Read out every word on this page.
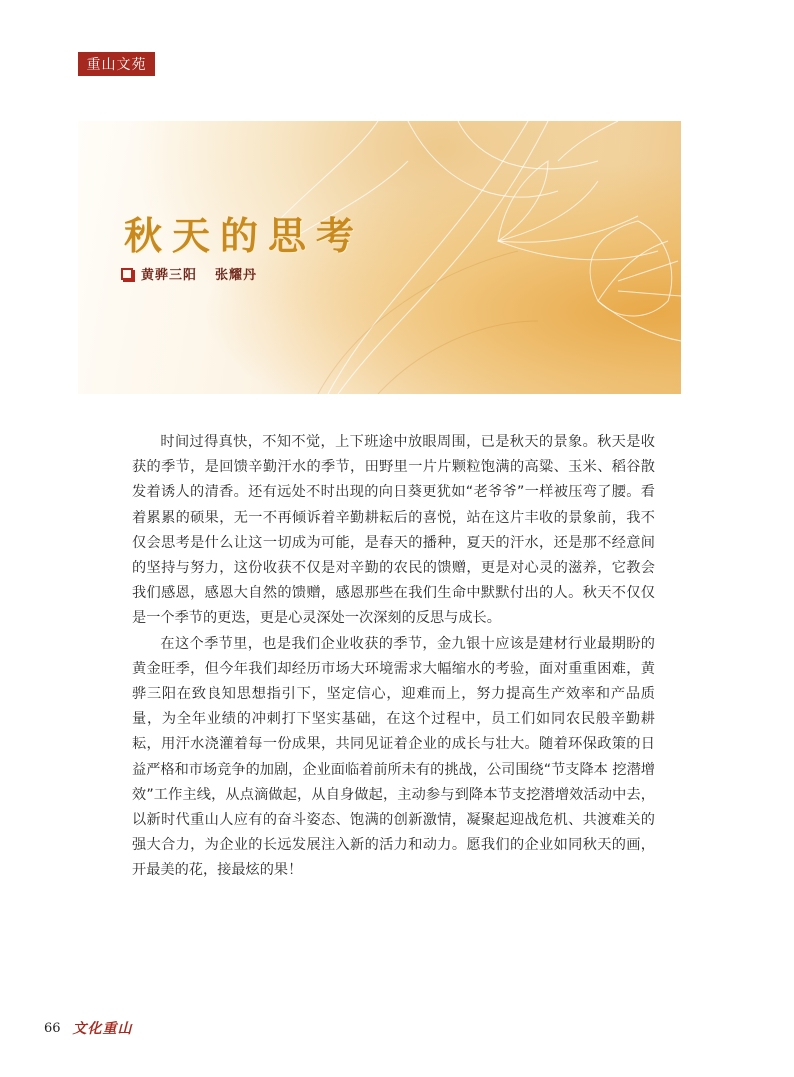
重山文苑
秋天的思考
黄骅三阳 张耀丹

时间过得真快，不知不觉，上下班途中放眼周围，已是秋天的景象。秋天是收获的季节，是回馈辛勤汗水的季节，田野里一片片颗粒饱满的高粱、玉米、稻谷散发着诱人的清香。还有远处不时出现的向日葵更犹如“老爷爷”一样被压弯了腰。看着累累的硕果，无一不再倾诉着辛勤耕耘后的喜悦，站在这片丰收的景象前，我不仅会思考是什么让这一切成为可能，是春天的播种，夏天的汗水，还是那不经意间的坚持与努力，这份收获不仅是对辛勤的农民的馈赠，更是对心灵的滋养，它教会我们感恩，感恩大自然的馈赠，感恩那些在我们生命中默默付出的人。秋天不仅仅是一个季节的更迭，更是心灵深处一次深刻的反思与成长。

在这个季节里，也是我们企业收获的季节，金九银十应该是建材行业最期盼的黄金旺季，但今年我们却经历市场大环境需求大幅缩水的考验，面对重重困难，黄骅三阳在致良知思想指引下，坚定信心，迎难而上，努力提高生产效率和产品质量，为全年业绩的冲刺打下坚实基础，在这个过程中，员工们如同农民般辛勤耕耘，用汗水浇灌着每一份成果，共同见证着企业的成长与壮大。随着环保政策的日益严格和市场竞争的加剧，企业面临着前所未有的挑战，公司围绕“节支降本 挖潜增效”工作主线，从点滴做起，从自身做起，主动参与到降本节支挖潜增效活动中去，以新时代重山人应有的奋斗姿态、饱满的创新激情，凝聚起迎战危机、共渡难关的强大合力，为企业的长远发展注入新的活力和动力。愿我们的企业如同秋天的画，开最美的花，接最炫的果！

66 文化重山
